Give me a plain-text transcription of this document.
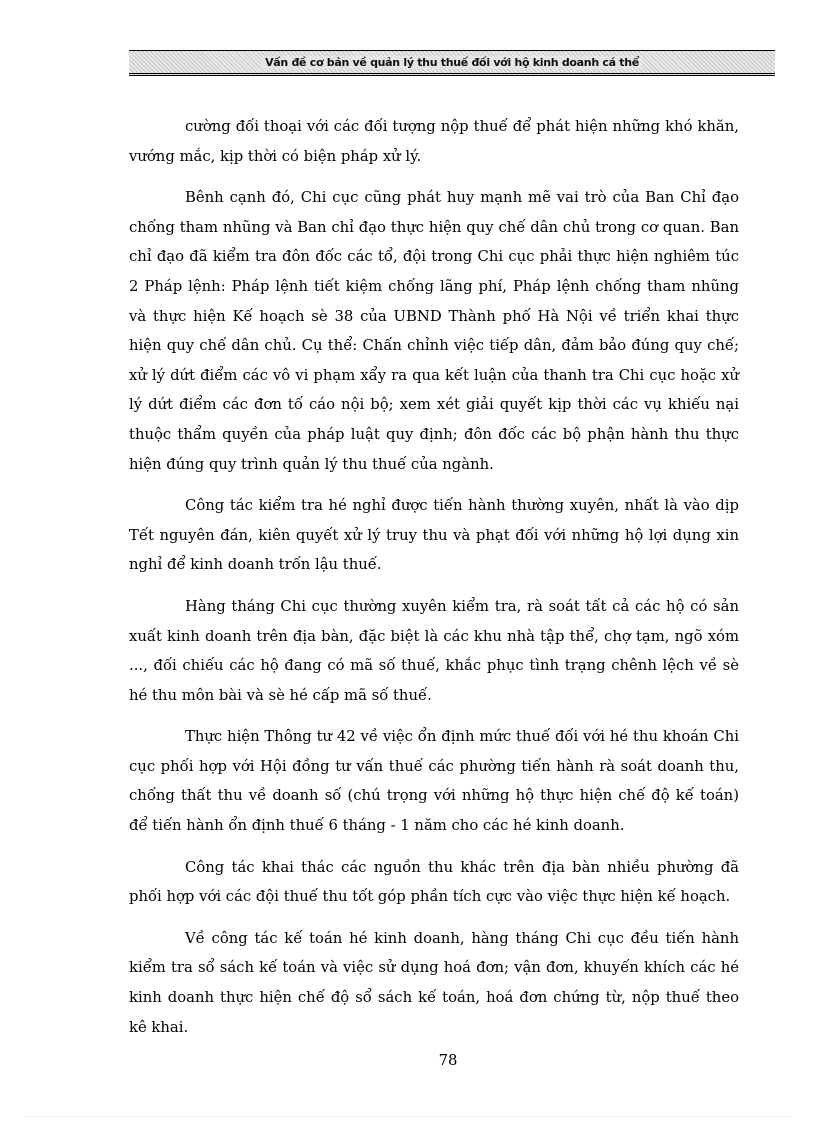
Vấn đề cơ bản về quản lý thu thuế đối với hộ kinh doanh cá thể

cường đối thoại với các đối tượng nộp thuế để phát hiện những khó khăn, vướng mắc, kịp thời có biện pháp xử lý.

Bênh cạnh đó, Chi cục cũng phát huy mạnh mẽ vai trò của Ban Chỉ đạo chống tham nhũng và Ban chỉ đạo thực hiện quy chế dân chủ trong cơ quan. Ban chỉ đạo đã kiểm tra đôn đốc các tổ, đội trong Chi cục phải thực hiện nghiêm túc 2 Pháp lệnh: Pháp lệnh tiết kiệm chống lãng phí, Pháp lệnh chống tham nhũng và thực hiện Kế hoạch sè 38 của UBND Thành phố Hà Nội về triển khai thực hiện quy chế dân chủ. Cụ thể: Chấn chỉnh việc tiếp dân, đảm bảo đúng quy chế; xử lý dứt điểm các vô vi phạm xẩy ra qua kết luận của thanh tra Chi cục hoặc xử lý dứt điểm các đơn tố cáo nội bộ; xem xét giải quyết kịp thời các vụ khiếu nại thuộc thẩm quyền của pháp luật quy định; đôn đốc các bộ phận hành thu thực hiện đúng quy trình quản lý thu thuế của ngành.

Công tác kiểm tra hé nghỉ được tiến hành thường xuyên, nhất là vào dịp Tết nguyên đán, kiên quyết xử lý truy thu và phạt đối với những hộ lợi dụng xin nghỉ để kinh doanh trốn lậu thuế.

Hàng tháng Chi cục thường xuyên kiểm tra, rà soát tất cả các hộ có sản xuất kinh doanh trên địa bàn, đặc biệt là các khu nhà tập thể, chợ tạm, ngõ xóm ..., đối chiếu các hộ đang có mã số thuế, khắc phục tình trạng chênh lệch về sè hé thu môn bài và sè hé cấp mã số thuế.

Thực hiện Thông tư 42 về việc ổn định mức thuế đối với hé thu khoán Chi cục phối hợp với Hội đồng tư vấn thuế các phường tiến hành rà soát doanh thu, chống thất thu về doanh số (chú trọng với những hộ thực hiện chế độ kế toán) để tiến hành ổn định thuế 6 tháng - 1 năm cho các hé kinh doanh.

Công tác khai thác các nguồn thu khác trên địa bàn nhiều phường đã phối hợp với các đội thuế thu tốt góp phần tích cực vào việc thực hiện kế hoạch.

Về công tác kế toán hé kinh doanh, hàng tháng Chi cục đều tiến hành kiểm tra sổ sách kế toán và việc sử dụng hoá đơn; vận đơn, khuyến khích các hé kinh doanh thực hiện chế độ sổ sách kế toán, hoá đơn chứng từ, nộp thuế theo kê khai.

78
